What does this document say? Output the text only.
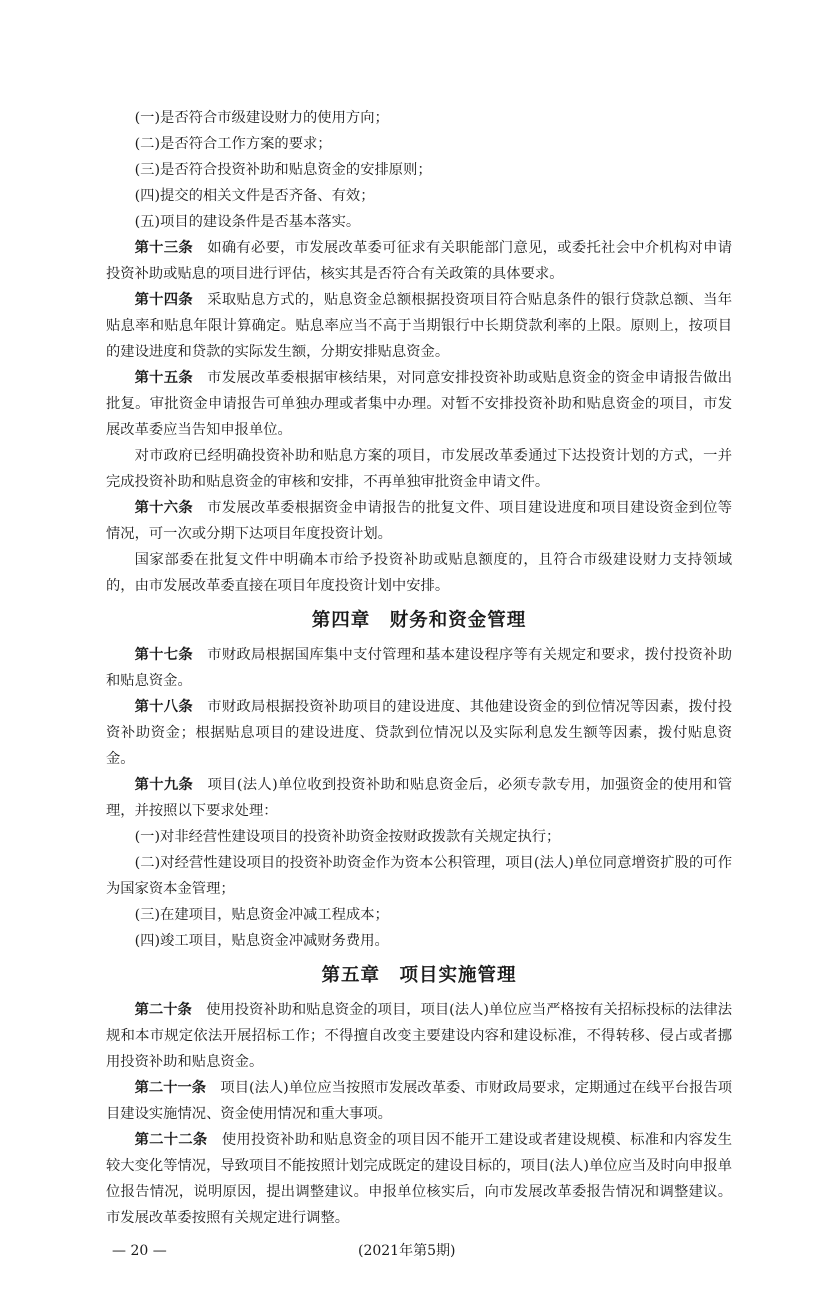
(一)是否符合市级建设财力的使用方向；

(二)是否符合工作方案的要求；

(三)是否符合投资补助和贴息资金的安排原则；

(四)提交的相关文件是否齐备、有效；

(五)项目的建设条件是否基本落实。

第十三条 如确有必要，市发展改革委可征求有关职能部门意见，或委托社会中介机构对申请投资补助或贴息的项目进行评估，核实其是否符合有关政策的具体要求。

第十四条 采取贴息方式的，贴息资金总额根据投资项目符合贴息条件的银行贷款总额、当年贴息率和贴息年限计算确定。贴息率应当不高于当期银行中长期贷款利率的上限。原则上，按项目的建设进度和贷款的实际发生额，分期安排贴息资金。

第十五条 市发展改革委根据审核结果，对同意安排投资补助或贴息资金的资金申请报告做出批复。审批资金申请报告可单独办理或者集中办理。对暂不安排投资补助和贴息资金的项目，市发展改革委应当告知申报单位。

对市政府已经明确投资补助和贴息方案的项目，市发展改革委通过下达投资计划的方式，一并完成投资补助和贴息资金的审核和安排，不再单独审批资金申请文件。

第十六条 市发展改革委根据资金申请报告的批复文件、项目建设进度和项目建设资金到位等情况，可一次或分期下达项目年度投资计划。

国家部委在批复文件中明确本市给予投资补助或贴息额度的，且符合市级建设财力支持领域的，由市发展改革委直接在项目年度投资计划中安排。

第四章　财务和资金管理

第十七条 市财政局根据国库集中支付管理和基本建设程序等有关规定和要求，拨付投资补助和贴息资金。

第十八条 市财政局根据投资补助项目的建设进度、其他建设资金的到位情况等因素，拨付投资补助资金；根据贴息项目的建设进度、贷款到位情况以及实际利息发生额等因素，拨付贴息资金。

第十九条 项目(法人)单位收到投资补助和贴息资金后，必须专款专用，加强资金的使用和管理，并按照以下要求处理：

(一)对非经营性建设项目的投资补助资金按财政拨款有关规定执行；

(二)对经营性建设项目的投资补助资金作为资本公积管理，项目(法人)单位同意增资扩股的可作为国家资本金管理；

(三)在建项目，贴息资金冲减工程成本；

(四)竣工项目，贴息资金冲减财务费用。

第五章　项目实施管理

第二十条 使用投资补助和贴息资金的项目，项目(法人)单位应当严格按有关招标投标的法律法规和本市规定依法开展招标工作；不得擅自改变主要建设内容和建设标准，不得转移、侵占或者挪用投资补助和贴息资金。

第二十一条 项目(法人)单位应当按照市发展改革委、市财政局要求，定期通过在线平台报告项目建设实施情况、资金使用情况和重大事项。

第二十二条 使用投资补助和贴息资金的项目因不能开工建设或者建设规模、标准和内容发生较大变化等情况，导致项目不能按照计划完成既定的建设目标的，项目(法人)单位应当及时向申报单位报告情况，说明原因，提出调整建议。申报单位核实后，向市发展改革委报告情况和调整建议。市发展改革委按照有关规定进行调整。

— 20 —	(2021年第5期)
